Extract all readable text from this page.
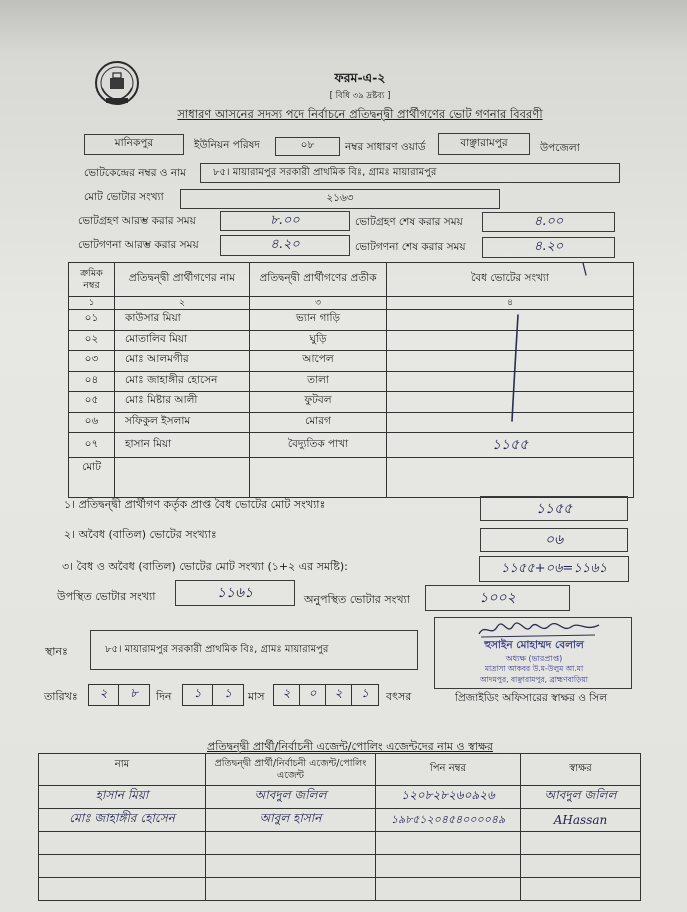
ফরম-এ-২
[ বিধি ৩৯ দ্রষ্টব্য ]
সাধারণ আসনের সদস্য পদে নির্বাচনে প্রতিদ্বন্দ্বী প্রার্থীগণের ভোট গণনার বিবরণী
মানিকপুর	ইউনিয়ন পরিষদ	০৮	নম্বর সাধারণ ওয়ার্ড	বাঞ্ছারামপুর	উপজেলা
ভোটকেন্দ্রের নম্বর ও নাম	৮৫। মায়ারামপুর সরকারী প্রাথমিক বিঃ, গ্রামঃ মায়ারামপুর
মোট ভোটার সংখ্যা	২১৬৩
ভোটগ্রহণ আরম্ভ করার সময়	৮.০০	ভোটগ্রহণ শেষ করার সময়	৪.০০
ভোটগণনা আরম্ভ করার সময়	৪.২০	ভোটগণনা শেষ করার সময়	৪.২০
ক্রমিক নম্বর	প্রতিদ্বন্দ্বী প্রার্থীগণের নাম	প্রতিদ্বন্দ্বী প্রার্থীগণের প্রতীক	বৈধ ভোটের সংখ্যা
১	২	৩	৪
০১	কাউসার মিয়া	ভ্যান গাড়ি	
০২	মোতালিব মিয়া	ঘুড়ি	
০৩	মোঃ আলমগীর	আপেল	
০৪	মোঃ জাহাঙ্গীর হোসেন	তালা	
০৫	মোঃ মিষ্টার আলী	ফুটবল	
০৬	সফিকুল ইসলাম	মোরগ	
০৭	হাসান মিয়া	বৈদ্যুতিক পাখা	১১৫৫
মোট			
১। প্রতিদ্বন্দ্বী প্রার্থীগণ কর্তৃক প্রাপ্ত বৈধ ভোটের মোট সংখ্যাঃ	১১৫৫
২। অবৈধ (বাতিল) ভোটের সংখ্যাঃ	০৬
৩। বৈধ ও অবৈধ (বাতিল) ভোটের মোট সংখ্যা (১+২ এর সমষ্টি):	১১৫৫+০৬=১১৬১
উপস্থিত ভোটার সংখ্যা	১১৬১	অনুপস্থিত ভোটার সংখ্যা	১০০২
স্থানঃ	৮৫। মায়ারামপুর সরকারী প্রাথমিক বিঃ, গ্রামঃ মায়ারামপুর	হুসাইন মোহাম্মদ বেলাল
অধ্যক্ষ (ভারপ্রাপ্ত)
মাদ্রাসা আকবর উ.ম-উলুম আ.মা
আদমপুর, বাঞ্ছারামপুর, ব্রাহ্মণবাড়িয়া
তারিখঃ	২	৮	দিন	১	১	মাস	২	০	২	১	বৎসর	প্রিজাইডিং অফিসারের স্বাক্ষর ও সিল
প্রতিদ্বন্দ্বী প্রার্থী/নির্বাচনী এজেন্ট/পোলিং এজেন্টদের নাম ও স্বাক্ষর
নাম	প্রতিদ্বন্দ্বী প্রার্থী/নির্বাচনী এজেন্ট/পোলিং এজেন্ট	পিন নম্বর	স্বাক্ষর
হাসান মিয়া	আবদুল জলিল	১২০৮২৮২৬০৯২৬	আবদুল জলিল
মোঃ জাহাঙ্গীর হোসেন	আবুল হাসান	১৯৮৫১২০৪৫৪০০০০৪৯	AHassan
